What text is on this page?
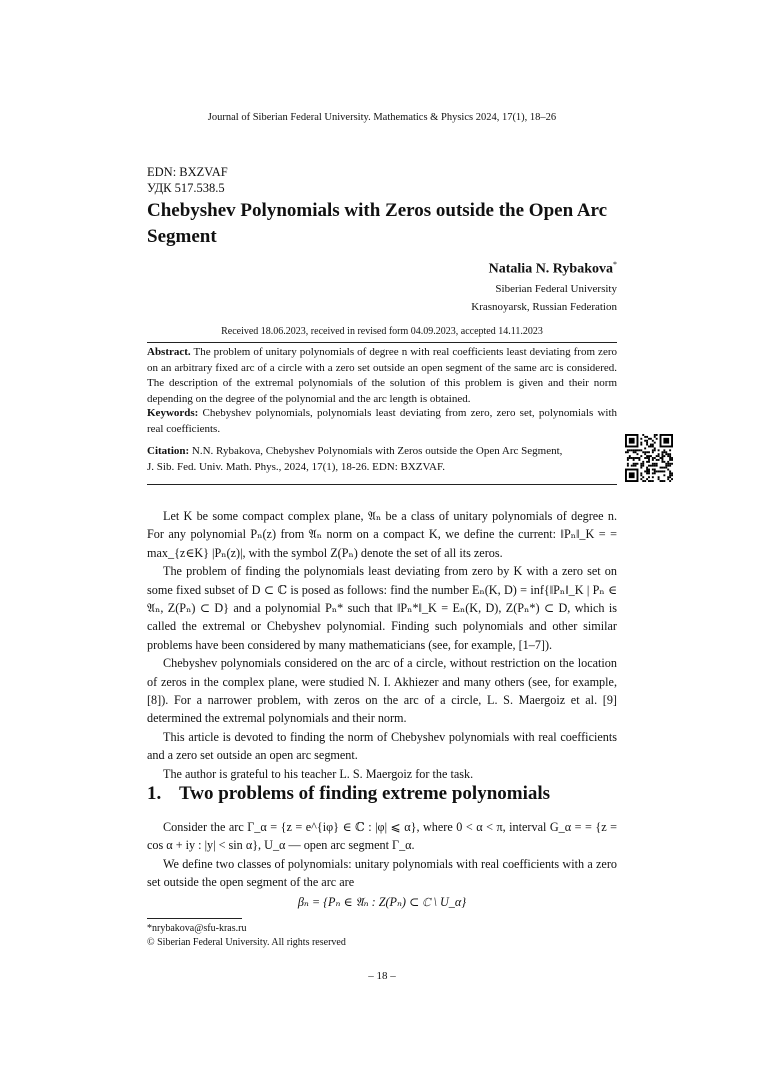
Journal of Siberian Federal University. Mathematics & Physics 2024, 17(1), 18–26
EDN: BXZVAF
УДК 517.538.5
Chebyshev Polynomials with Zeros outside the Open Arc Segment
Natalia N. Rybakova*
Siberian Federal University
Krasnoyarsk, Russian Federation
Received 18.06.2023, received in revised form 04.09.2023, accepted 14.11.2023
Abstract. The problem of unitary polynomials of degree n with real coefficients least deviating from zero on an arbitrary fixed arc of a circle with a zero set outside an open segment of the same arc is considered. The description of the extremal polynomials of the solution of this problem is given and their norm depending on the degree of the polynomial and the arc length is obtained.
Keywords: Chebyshev polynomials, polynomials least deviating from zero, zero set, polynomials with real coefficients.
Citation: N.N. Rybakova, Chebyshev Polynomials with Zeros outside the Open Arc Segment, J. Sib. Fed. Univ. Math. Phys., 2024, 17(1), 18-26. EDN: BXZVAF.

Let K be some compact complex plane, 𝔄ₙ be a class of unitary polynomials of degree n. For any polynomial Pₙ(z) from 𝔄ₙ norm on a compact K, we define the current: ‖Pₙ‖_K = = max_{z∈K} |Pₙ(z)|, with the symbol Z(Pₙ) denote the set of all its zeros.

The problem of finding the polynomials least deviating from zero by K with a zero set on some fixed subset of D ⊂ ℂ is posed as follows: find the number Eₙ(K, D) = inf{‖Pₙ‖_K | Pₙ ∈ 𝔄ₙ, Z(Pₙ) ⊂ D} and a polynomial Pₙ* such that ‖Pₙ*‖_K = Eₙ(K, D), Z(Pₙ*) ⊂ D, which is called the extremal or Chebyshev polynomial. Finding such polynomials and other similar problems have been considered by many mathematicians (see, for example, [1–7]).

Chebyshev polynomials considered on the arc of a circle, without restriction on the location of zeros in the complex plane, were studied N. I. Akhiezer and many others (see, for example, [8]). For a narrower problem, with zeros on the arc of a circle, L. S. Maergoiz et al. [9] determined the extremal polynomials and their norm.

This article is devoted to finding the norm of Chebyshev polynomials with real coefficients and a zero set outside an open arc segment.

The author is grateful to his teacher L. S. Maergoiz for the task.

1. Two problems of finding extreme polynomials

Consider the arc Γ_α = {z = e^{iφ} ∈ ℂ : |φ| ⩽ α}, where 0 < α < π, interval G_α = = {z = cos α + iy : |y| < sin α}, U_α — open arc segment Γ_α.

We define two classes of polynomials: unitary polynomials with real coefficients with a zero set outside the open segment of the arc are

βₙ = {Pₙ ∈ 𝔄ₙ : Z(Pₙ) ⊂ ℂ \ U_α}
*nrybakova@sfu-kras.ru
© Siberian Federal University. All rights reserved
– 18 –
